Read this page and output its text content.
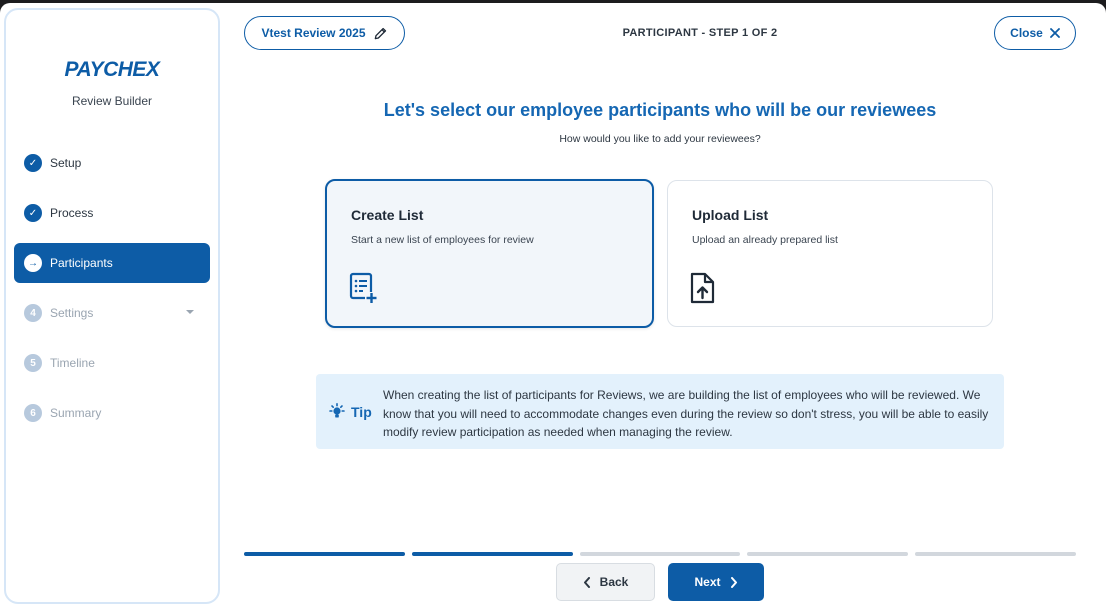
PAYCHEX
Review Builder
✓	Setup
✓	Process
→	Participants
4	Settings
5	Timeline
6	Summary
Vtest Review 2025	PARTICIPANT - STEP 1 OF 2	Close
Let's select our employee participants who will be our reviewees
How would you like to add your reviewees?
Create List
Start a new list of employees for review
Upload List
Upload an already prepared list
Tip

When creating the list of participants for Reviews, we are building the list of employees who will be reviewed. We know that you will need to accommodate changes even during the review so don't stress, you will be able to easily modify review participation as needed when managing the review.

Back	Next
